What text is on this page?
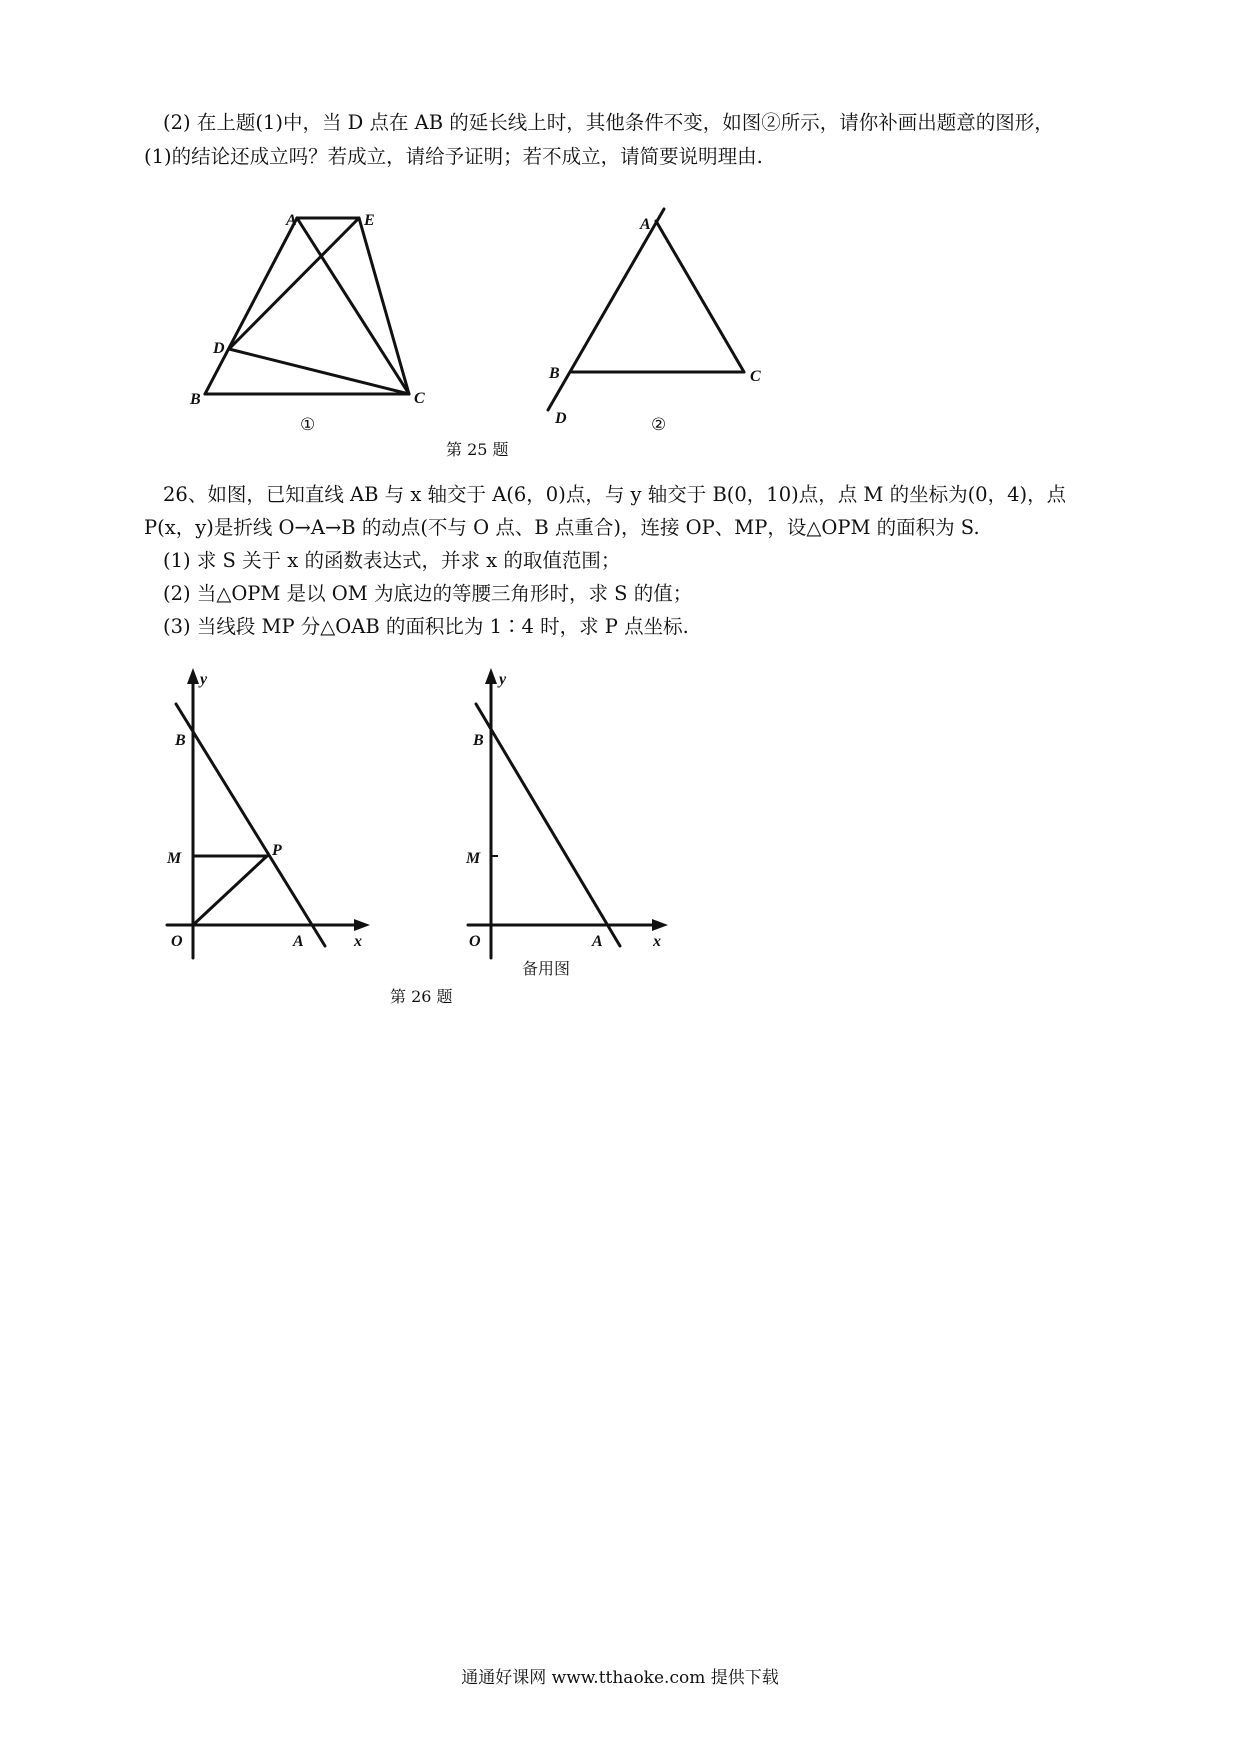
(2) 在上题(1)中，当 D 点在 AB 的延长线上时，其他条件不变，如图②所示，请你补画出题意的图形，
(1)的结论还成立吗？若成立，请给予证明；若不成立，请简要说明理由.
A	E
D
B	C
①
A
B	C
D	②
y
B
M	P
O	A	x
y
B
M
O	A	x
第 25 题
26、如图，已知直线 AB 与 x 轴交于 A(6，0)点，与 y 轴交于 B(0，10)点，点 M 的坐标为(0，4)，点
P(x，y)是折线 O→A→B 的动点(不与 O 点、B 点重合)，连接 OP、MP，设△OPM 的面积为 S.
(1) 求 S 关于 x 的函数表达式，并求 x 的取值范围；
(2) 当△OPM 是以 OM 为底边的等腰三角形时，求 S 的值；
(3) 当线段 MP 分△OAB 的面积比为 1∶4 时，求 P 点坐标.
备用图
第 26 题
通通好课网 www.tthaoke.com 提供下载
